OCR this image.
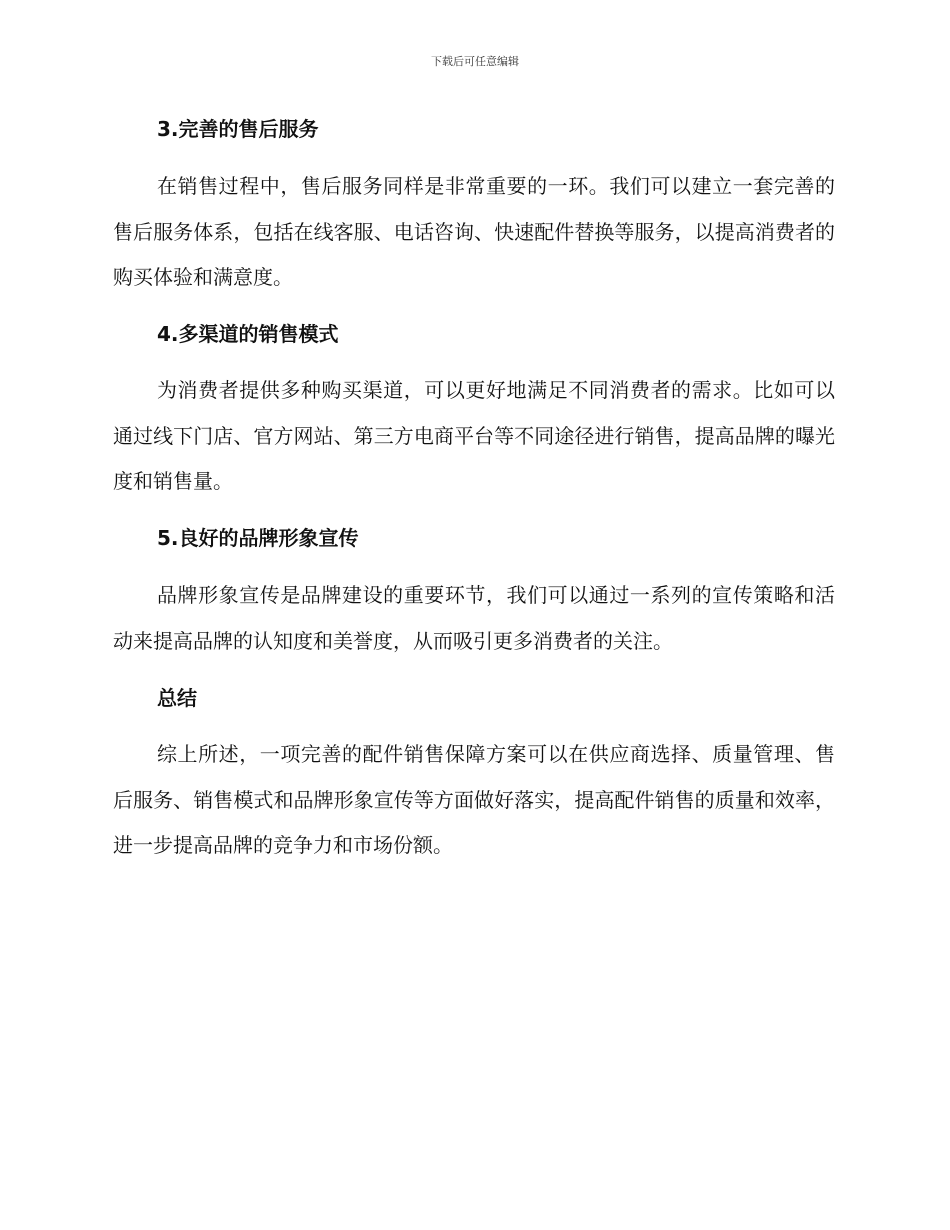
下载后可任意编辑
3.完善的售后服务

在销售过程中，售后服务同样是非常重要的一环。我们可以建立一套完善的售后服务体系，包括在线客服、电话咨询、快速配件替换等服务，以提高消费者的购买体验和满意度。

4.多渠道的销售模式

为消费者提供多种购买渠道，可以更好地满足不同消费者的需求。比如可以通过线下门店、官方网站、第三方电商平台等不同途径进行销售，提高品牌的曝光度和销售量。

5.良好的品牌形象宣传

品牌形象宣传是品牌建设的重要环节，我们可以通过一系列的宣传策略和活动来提高品牌的认知度和美誉度，从而吸引更多消费者的关注。

总结

综上所述，一项完善的配件销售保障方案可以在供应商选择、质量管理、售后服务、销售模式和品牌形象宣传等方面做好落实，提高配件销售的质量和效率，进一步提高品牌的竞争力和市场份额。
